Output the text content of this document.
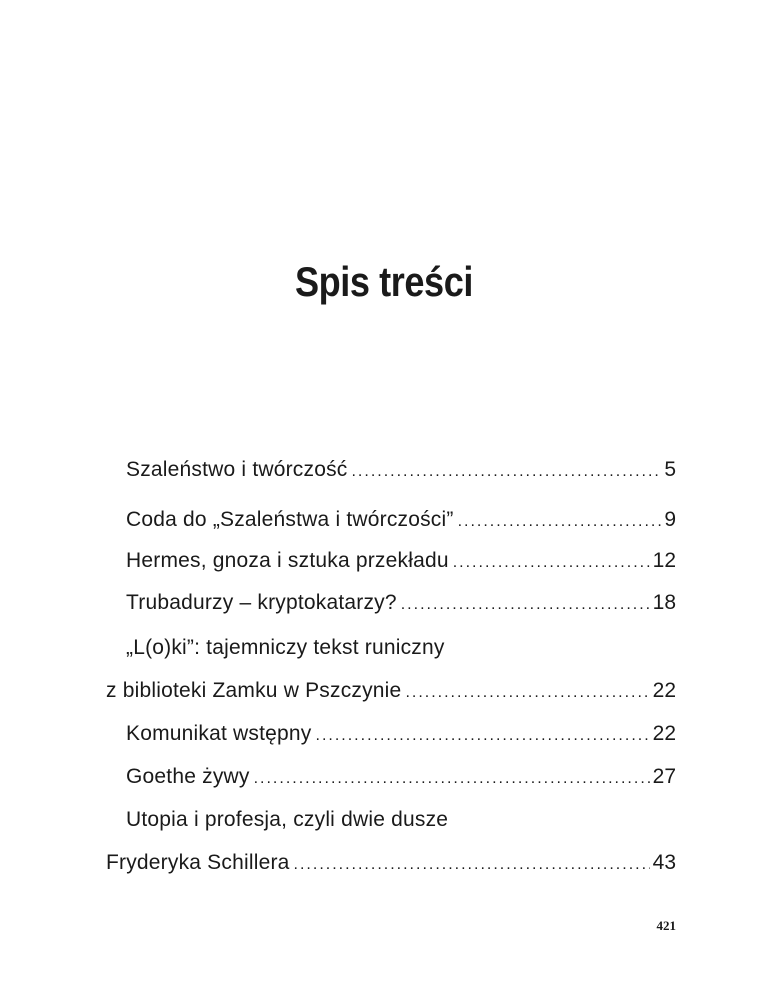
Spis treści
Szaleństwo i twórczość .....	5
Coda do „Szaleństwa i twórczości” .....	9
Hermes, gnoza i sztuka przekładu .....	12
Trubadurzy – kryptokatarzy? .....	18
„L(o)ki”: tajemniczy tekst runiczny
z biblioteki Zamku w Pszczynie .....	22
Komunikat wstępny .....	22
Goethe żywy .....	27
Utopia i profesja, czyli dwie dusze
Fryderyka Schillera .....	43
421
